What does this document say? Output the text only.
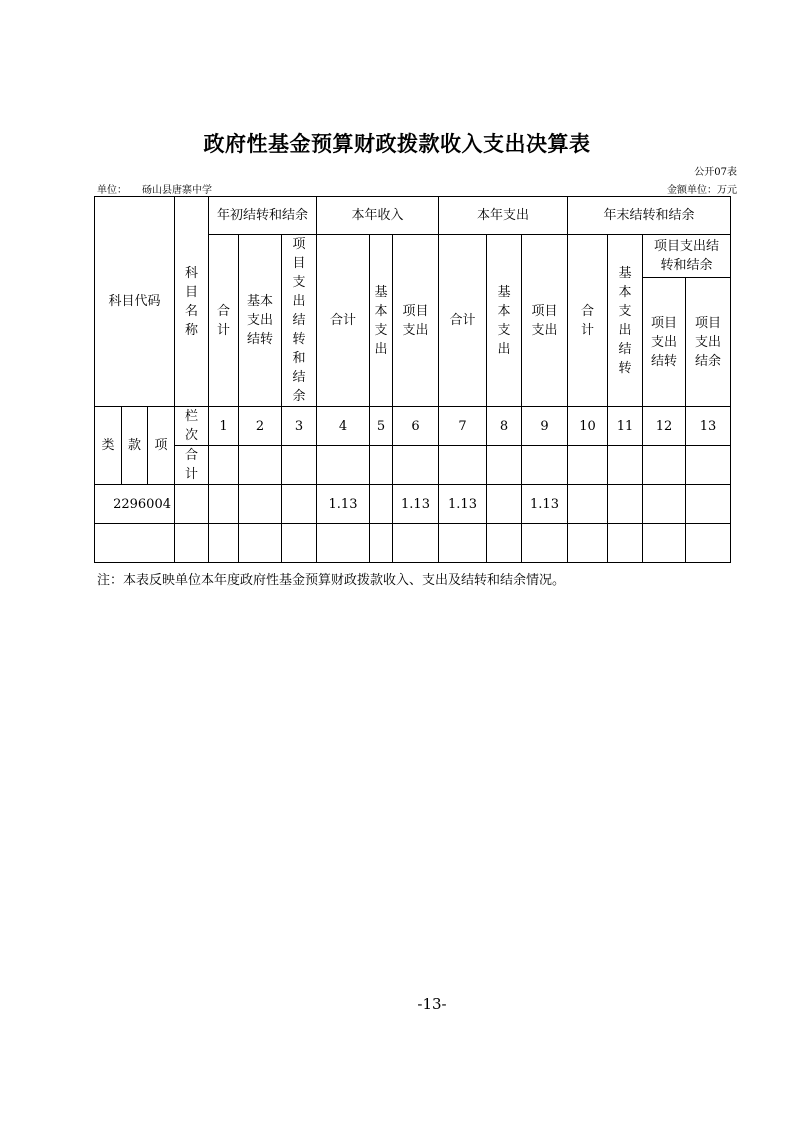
政府性基金预算财政拨款收入支出决算表
公开07表
单位： 砀山县唐寨中学	金额单位：万元
科目代码			科目名称	年初结转和结余			本年收入			本年支出			年末结转和结余			
				合计	基本支出结转	项目支出结转和结余	合计	基本支出	项目支出	合计	基本支出	项目支出	合计	基本支出结转	项目支出结转和结余	
															项目支出结转	项目支出结余
类	款	项	栏次	1	2	3	4	5	6	7	8	9	10	11	12	13
			合计													
2296004							1.13		1.13	1.13		1.13				

注：本表反映单位本年度政府性基金预算财政拨款收入、支出及结转和结余情况。
-13-
